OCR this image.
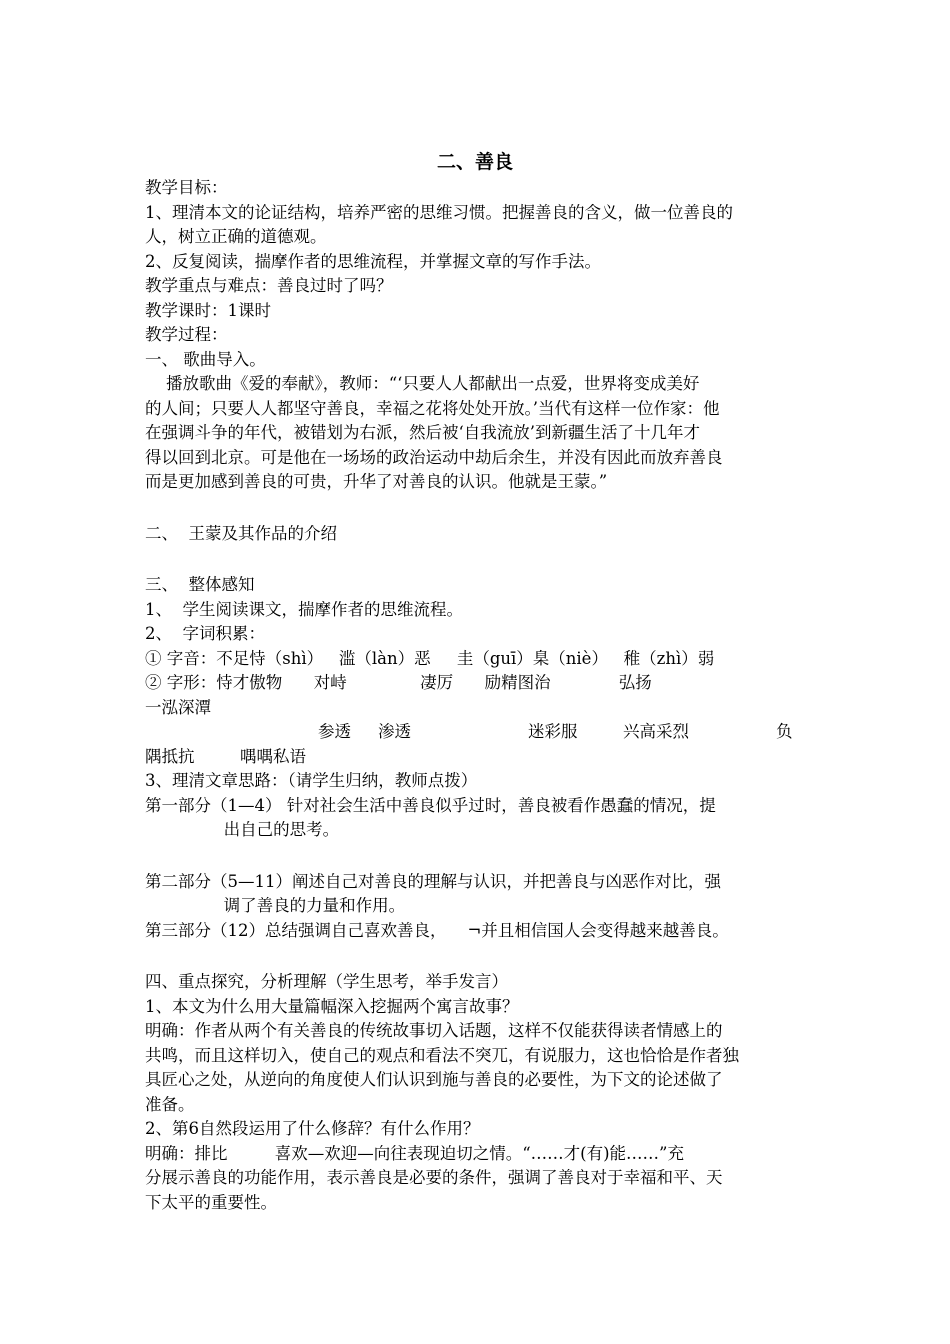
二、善良
教学目标：
1、理清本文的论证结构，培养严密的思维习惯。把握善良的含义，做一位善良的
人，树立正确的道德观。
2、反复阅读，揣摩作者的思维流程，并掌握文章的写作手法。
教学重点与难点：善良过时了吗？
教学课时：1课时
教学过程：
一、 歌曲导入。
播放歌曲《爱的奉献》，教师：“‘只要人人都献出一点爱，世界将变成美好
的人间；只要人人都坚守善良，幸福之花将处处开放。’当代有这样一位作家：他
在强调斗争的年代，被错划为右派，然后被‘自我流放’到新疆生活了十几年才
得以回到北京。可是他在一场场的政治运动中劫后余生，并没有因此而放弃善良
而是更加感到善良的可贵，升华了对善良的认识。他就是王蒙。”
二、  王蒙及其作品的介绍
三、  整体感知
1、  学生阅读课文，揣摩作者的思维流程。
2、  字词积累：
① 字音：不足恃（shì）   滥（làn）恶     圭（guī）臬（niè）   稚（zhì）弱
② 字形：恃才傲物      对峙              凄厉      励精图治             弘扬
一泓深潭
参透 渗透	迷彩服	兴高采烈	负
隅抵抗	喁喁私语
3、理清文章思路：（请学生归纳，教师点拨）
第一部分（1—4） 针对社会生活中善良似乎过时，善良被看作愚蠢的情况，提
出自己的思考。
第二部分（5—11）阐述自己对善良的理解与认识，并把善良与凶恶作对比，强
调了善良的力量和作用。
第三部分（12）总结强调自己喜欢善良，    ¬并且相信国人会变得越来越善良。
四、重点探究，分析理解（学生思考，举手发言）
1、本文为什么用大量篇幅深入挖掘两个寓言故事？
明确：作者从两个有关善良的传统故事切入话题，这样不仅能获得读者情感上的
共鸣，而且这样切入，使自己的观点和看法不突兀，有说服力，这也恰恰是作者独
具匠心之处，从逆向的角度使人们认识到施与善良的必要性，为下文的论述做了
准备。
2、第6自然段运用了什么修辞？有什么作用？
明确：排比         喜欢—欢迎—向往表现迫切之情。“……才(有)能……”充
分展示善良的功能作用，表示善良是必要的条件，强调了善良对于幸福和平、天
下太平的重要性。
